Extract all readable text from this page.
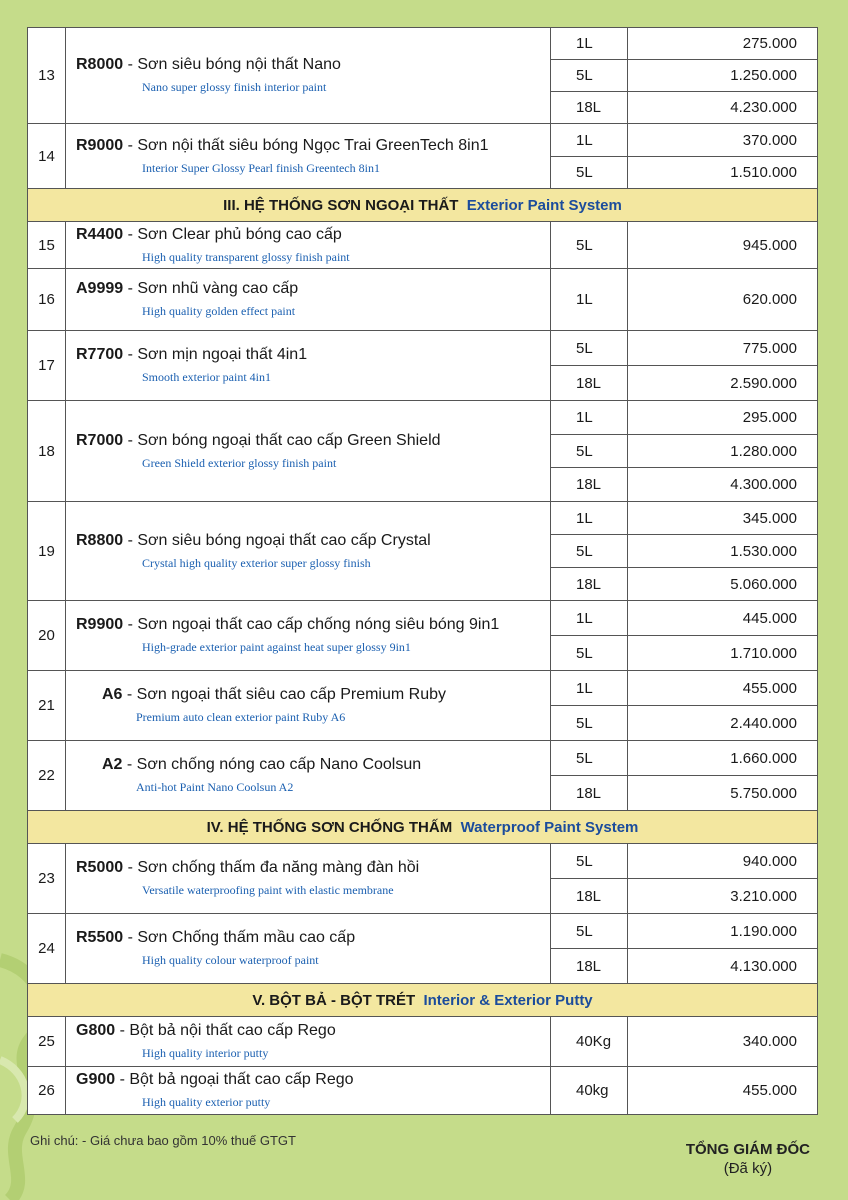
13	R8000 - Sơn siêu bóng nội thất Nano
Nano super glossy finish interior paint	1L	275.000
		5L	1.250.000
		18L	4.230.000
14	R9000 - Sơn nội thất siêu bóng Ngọc Trai GreenTech 8in1
Interior Super Glossy Pearl finish Greentech 8in1	1L	370.000
		5L	1.510.000
III. HỆ THỐNG SƠN NGOẠI THẤT Exterior Paint System			
15	R4400 - Sơn Clear phủ bóng cao cấp
High quality transparent glossy finish paint	5L	945.000
16	A9999 - Sơn nhũ vàng cao cấp
High quality golden effect paint	1L	620.000
17	R7700 - Sơn mịn ngoại thất 4in1
Smooth exterior paint 4in1	5L	775.000
		18L	2.590.000
18	R7000 - Sơn bóng ngoại thất cao cấp Green Shield
Green Shield exterior glossy finish paint	1L	295.000
		5L	1.280.000
		18L	4.300.000
19	R8800 - Sơn siêu bóng ngoại thất cao cấp Crystal
Crystal high quality exterior super glossy finish	1L	345.000
		5L	1.530.000
		18L	5.060.000
20	R9900 - Sơn ngoại thất cao cấp chống nóng siêu bóng 9in1
High-grade exterior paint against heat super glossy 9in1	1L	445.000
		5L	1.710.000
21	A6 - Sơn ngoại thất siêu cao cấp Premium Ruby
Premium auto clean exterior paint Ruby A6	1L	455.000
		5L	2.440.000
22	A2 - Sơn chống nóng cao cấp Nano Coolsun
Anti-hot Paint Nano Coolsun A2	5L	1.660.000
		18L	5.750.000
IV. HỆ THỐNG SƠN CHỐNG THẤM Waterproof Paint System			
23	R5000 - Sơn chống thấm đa năng màng đàn hồi
Versatile waterproofing paint with elastic membrane	5L	940.000
		18L	3.210.000
24	R5500 - Sơn Chống thấm mầu cao cấp
High quality colour waterproof paint	5L	1.190.000
		18L	4.130.000
V. BỘT BẢ - BỘT TRÉT Interior & Exterior Putty			
25	G800 - Bột bả nội thất cao cấp Rego
High quality interior putty	40Kg	340.000
26	G900 - Bột bả ngoại thất cao cấp Rego
High quality exterior putty	40kg	455.000
Ghi chú: - Giá chưa bao gồm 10% thuế GTGT
TỔNG GIÁM ĐỐC
(Đã ký)
